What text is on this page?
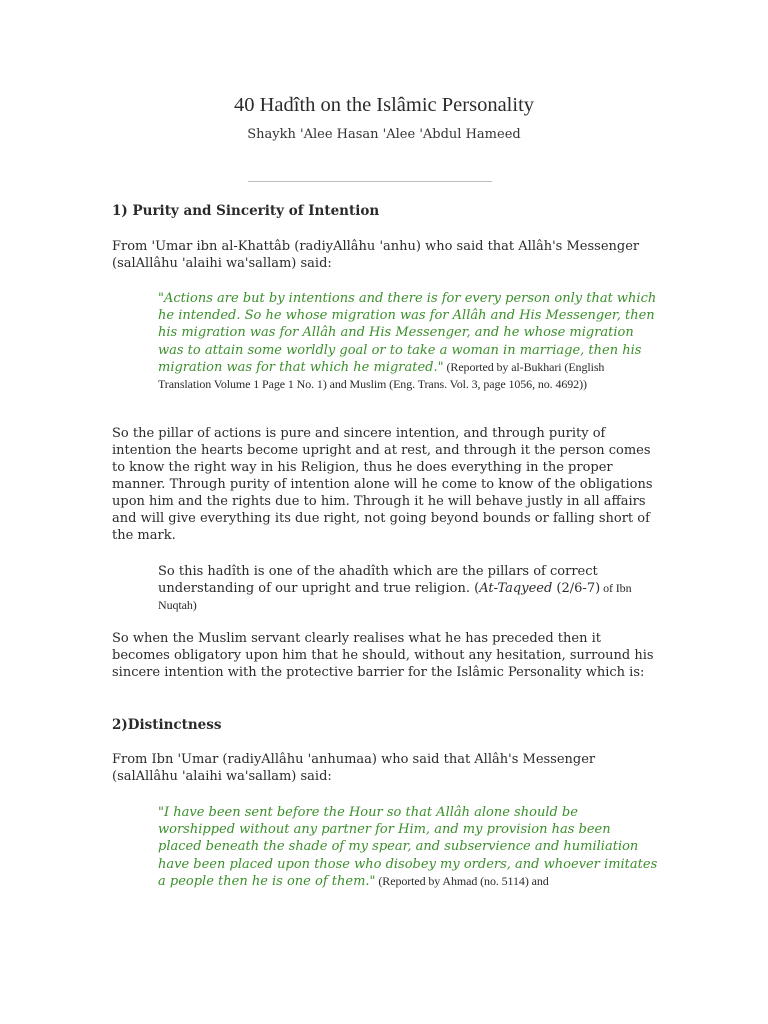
40 Hadîth on the Islâmic Personality
Shaykh 'Alee Hasan 'Alee 'Abdul Hameed
1) Purity and Sincerity of Intention
From 'Umar ibn al-Khattâb (radiyAllâhu 'anhu) who said that Allâh's Messenger (salAllâhu 'alaihi wa'sallam) said:
"Actions are but by intentions and there is for every person only that which he intended. So he whose migration was for Allâh and His Messenger, then his migration was for Allâh and His Messenger, and he whose migration was to attain some worldly goal or to take a woman in marriage, then his migration was for that which he migrated." (Reported by al-Bukhari (English Translation Volume 1 Page 1 No. 1) and Muslim (Eng. Trans. Vol. 3, page 1056, no. 4692))
So the pillar of actions is pure and sincere intention, and through purity of intention the hearts become upright and at rest, and through it the person comes to know the right way in his Religion, thus he does everything in the proper manner. Through purity of intention alone will he come to know of the obligations upon him and the rights due to him. Through it he will behave justly in all affairs and will give everything its due right, not going beyond bounds or falling short of the mark.
So this hadîth is one of the ahadîth which are the pillars of correct understanding of our upright and true religion. (At-Taqyeed (2/6-7) of Ibn Nuqtah)
So when the Muslim servant clearly realises what he has preceded then it becomes obligatory upon him that he should, without any hesitation, surround his sincere intention with the protective barrier for the Islâmic Personality which is:
2)Distinctness
From Ibn 'Umar (radiyAllâhu 'anhumaa) who said that Allâh's Messenger (salAllâhu 'alaihi wa'sallam) said:
"I have been sent before the Hour so that Allâh alone should be worshipped without any partner for Him, and my provision has been placed beneath the shade of my spear, and subservience and humiliation have been placed upon those who disobey my orders, and whoever imitates a people then he is one of them." (Reported by Ahmad (no. 5114) and
